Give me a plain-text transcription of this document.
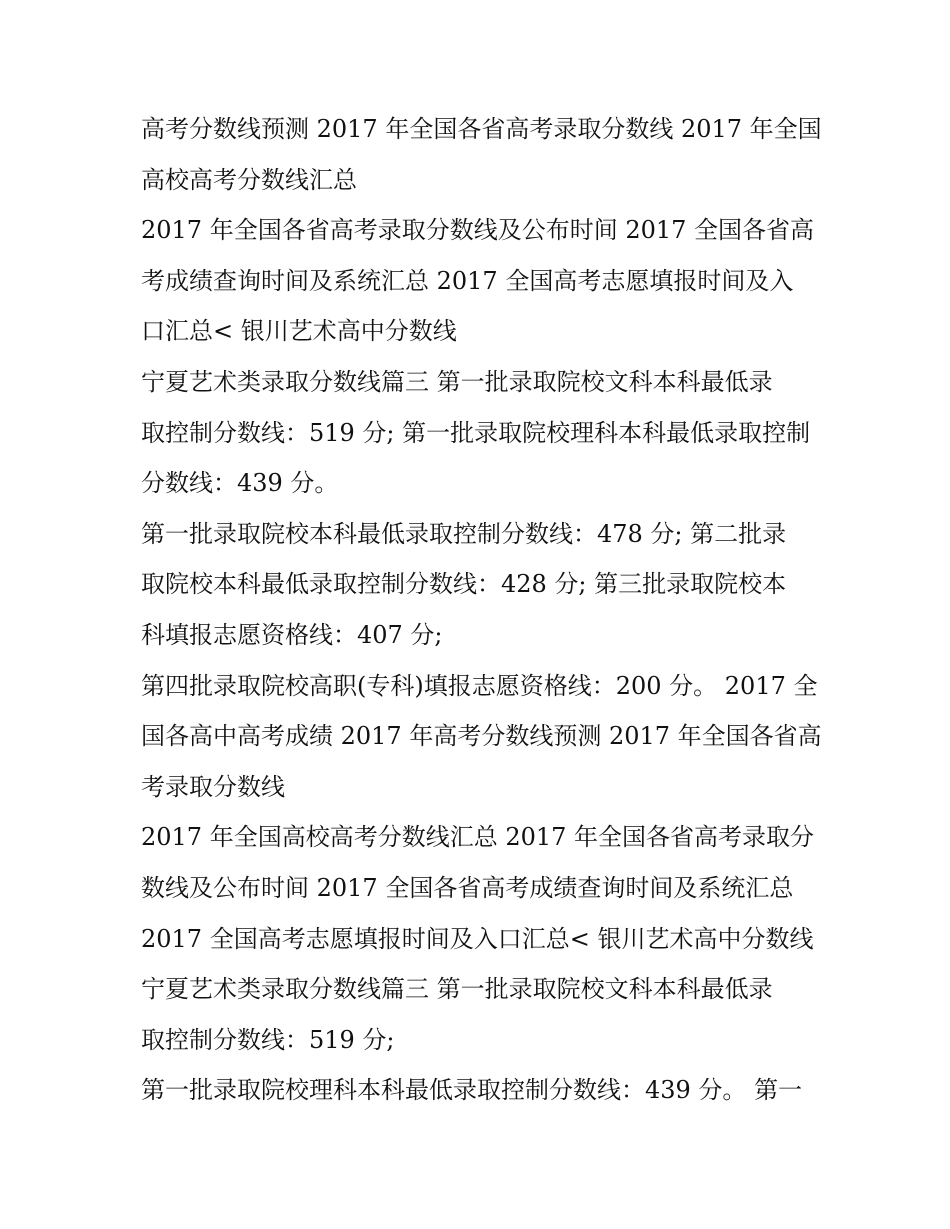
高考分数线预测 2017 年全国各省高考录取分数线 2017 年全国
高校高考分数线汇总
2017 年全国各省高考录取分数线及公布时间 2017 全国各省高
考成绩查询时间及系统汇总 2017 全国高考志愿填报时间及入
口汇总< 银川艺术高中分数线
宁夏艺术类录取分数线篇三 第一批录取院校文科本科最低录
取控制分数线：519 分; 第一批录取院校理科本科最低录取控制
分数线：439 分。
第一批录取院校本科最低录取控制分数线：478 分; 第二批录
取院校本科最低录取控制分数线：428 分; 第三批录取院校本
科填报志愿资格线：407 分;
第四批录取院校高职(专科)填报志愿资格线：200 分。 2017 全
国各高中高考成绩 2017 年高考分数线预测 2017 年全国各省高
考录取分数线
2017 年全国高校高考分数线汇总 2017 年全国各省高考录取分
数线及公布时间 2017 全国各省高考成绩查询时间及系统汇总
2017 全国高考志愿填报时间及入口汇总< 银川艺术高中分数线
宁夏艺术类录取分数线篇三 第一批录取院校文科本科最低录
取控制分数线：519 分;
第一批录取院校理科本科最低录取控制分数线：439 分。 第一
